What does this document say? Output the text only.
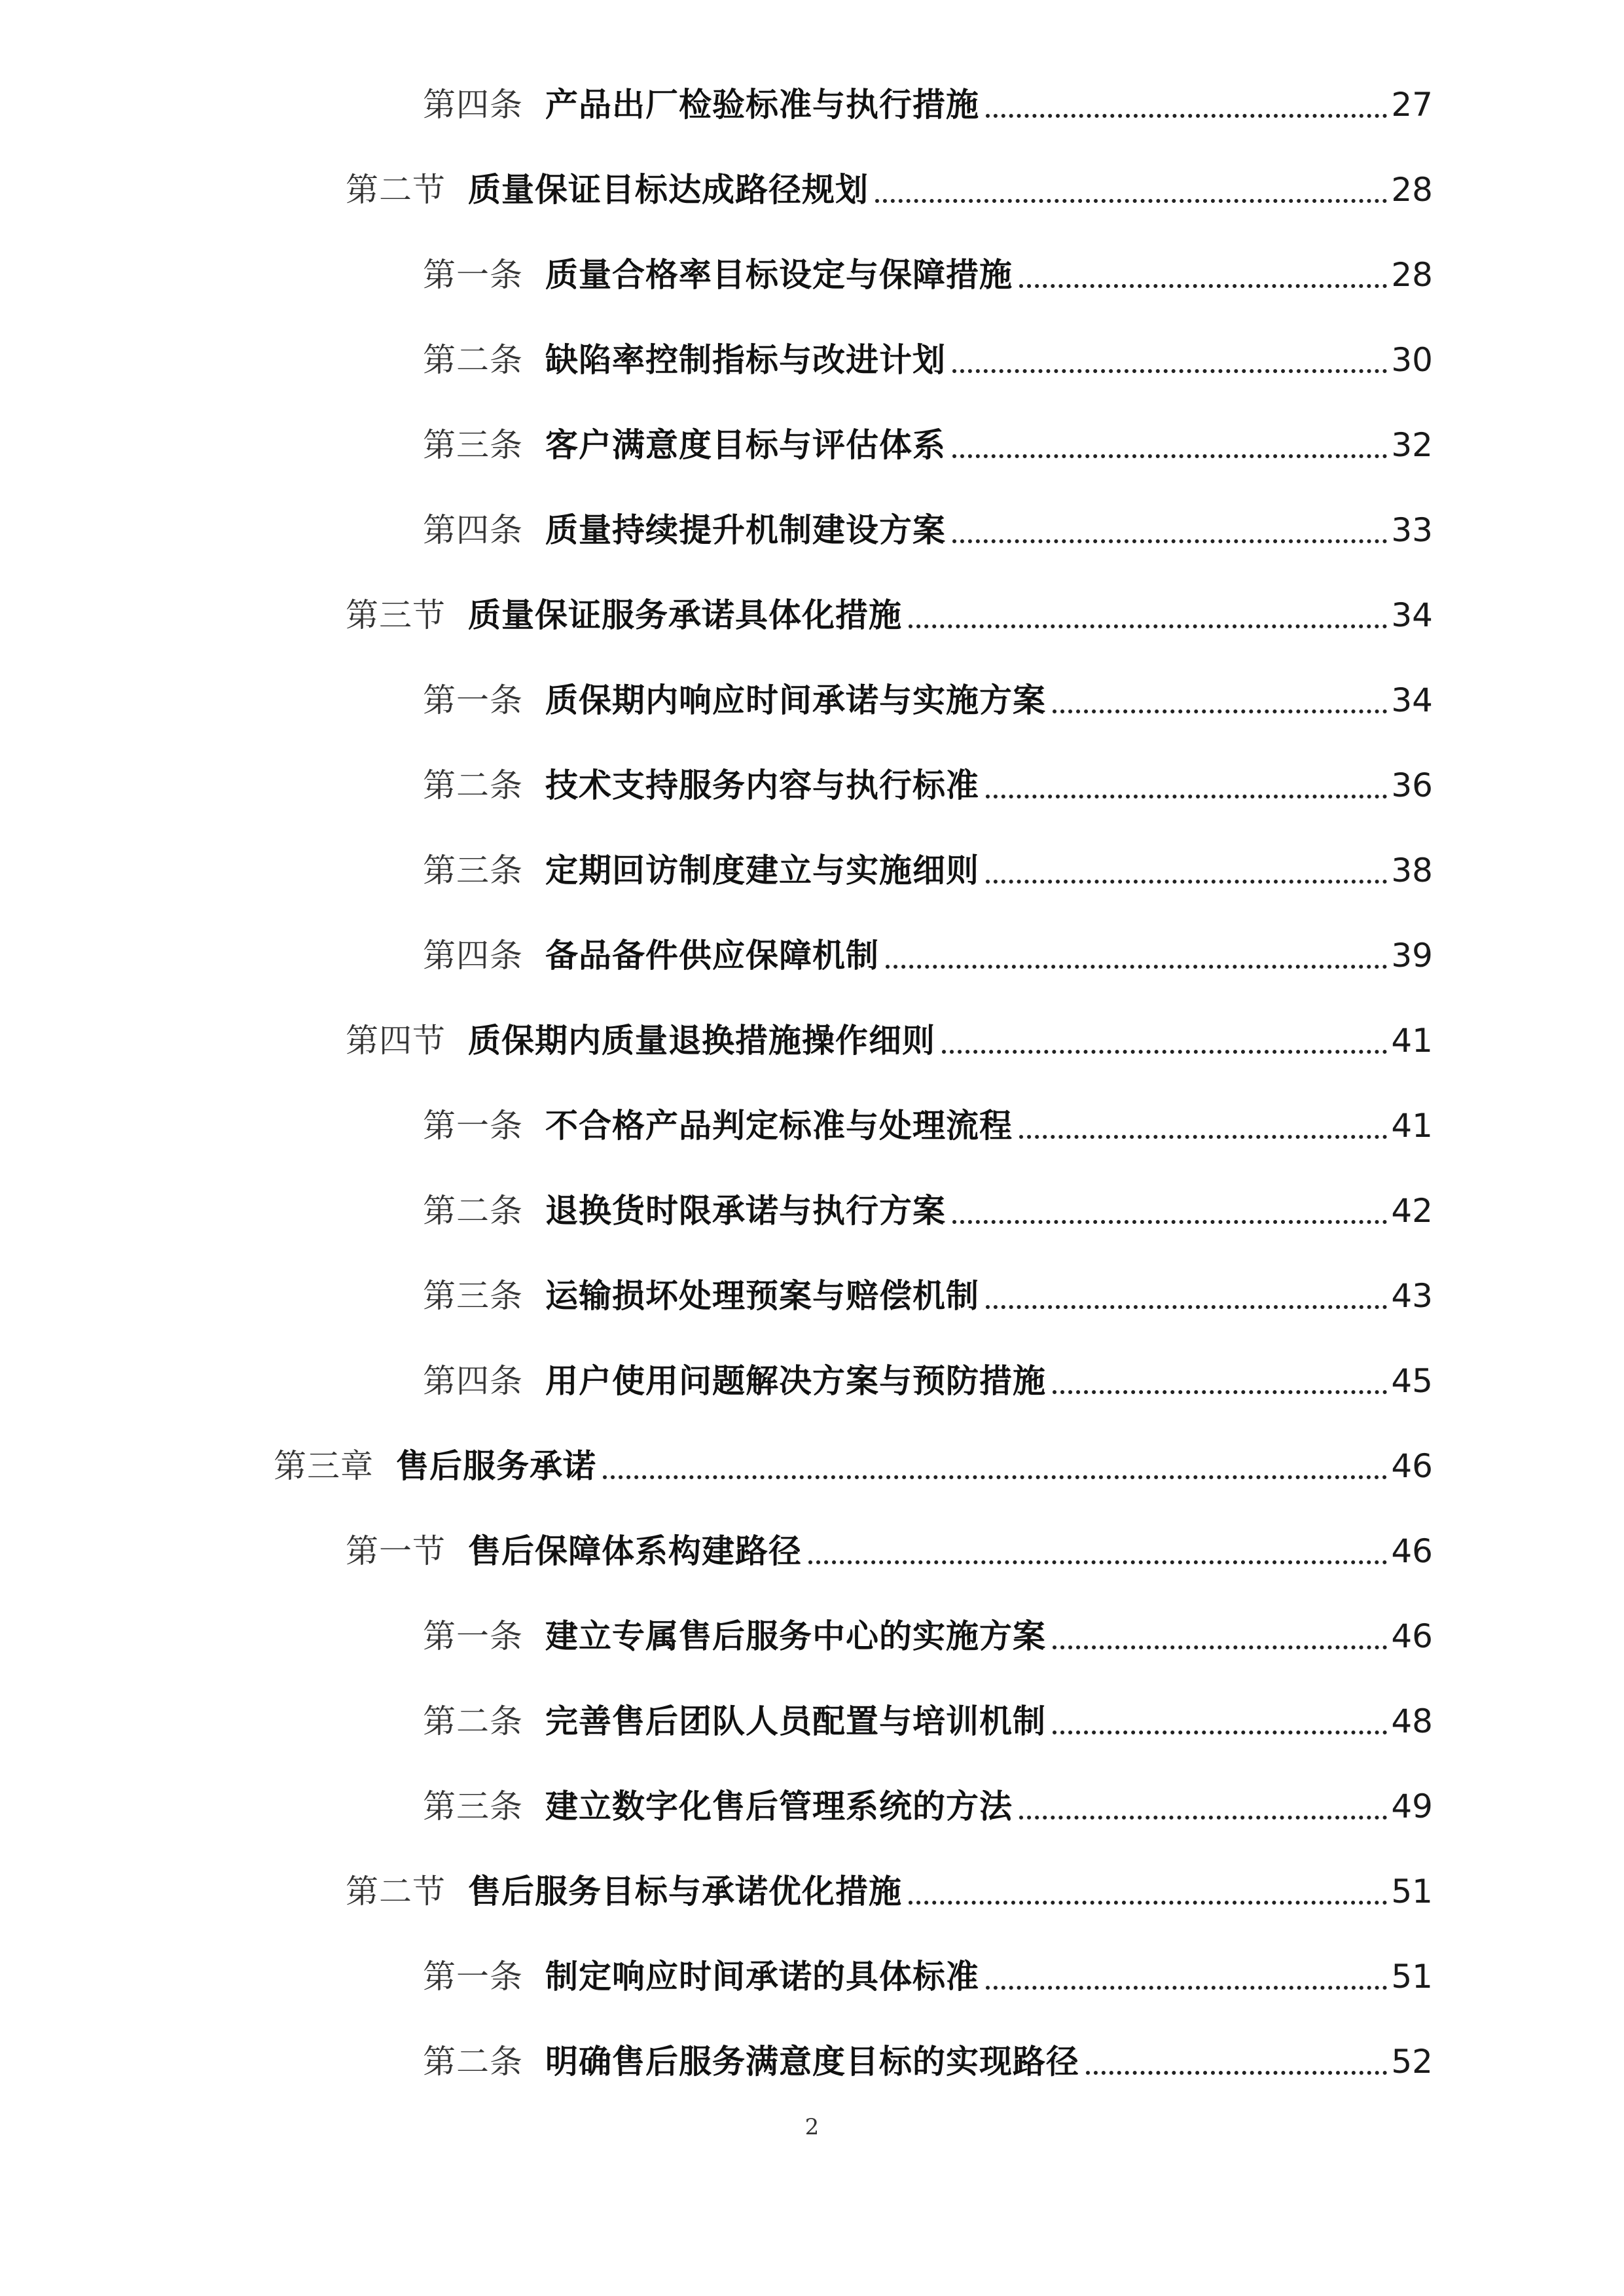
第四条 产品出厂检验标准与执行措施	27
第二节 质量保证目标达成路径规划	28
第一条 质量合格率目标设定与保障措施	28
第二条 缺陷率控制指标与改进计划	30
第三条 客户满意度目标与评估体系	32
第四条 质量持续提升机制建设方案	33
第三节 质量保证服务承诺具体化措施	34
第一条 质保期内响应时间承诺与实施方案	34
第二条 技术支持服务内容与执行标准	36
第三条 定期回访制度建立与实施细则	38
第四条 备品备件供应保障机制	39
第四节 质保期内质量退换措施操作细则	41
第一条 不合格产品判定标准与处理流程	41
第二条 退换货时限承诺与执行方案	42
第三条 运输损坏处理预案与赔偿机制	43
第四条 用户使用问题解决方案与预防措施	45
第三章 售后服务承诺	46
第一节 售后保障体系构建路径	46
第一条 建立专属售后服务中心的实施方案	46
第二条 完善售后团队人员配置与培训机制	48
第三条 建立数字化售后管理系统的方法	49
第二节 售后服务目标与承诺优化措施	51
第一条 制定响应时间承诺的具体标准	51
第二条 明确售后服务满意度目标的实现路径	52
2
